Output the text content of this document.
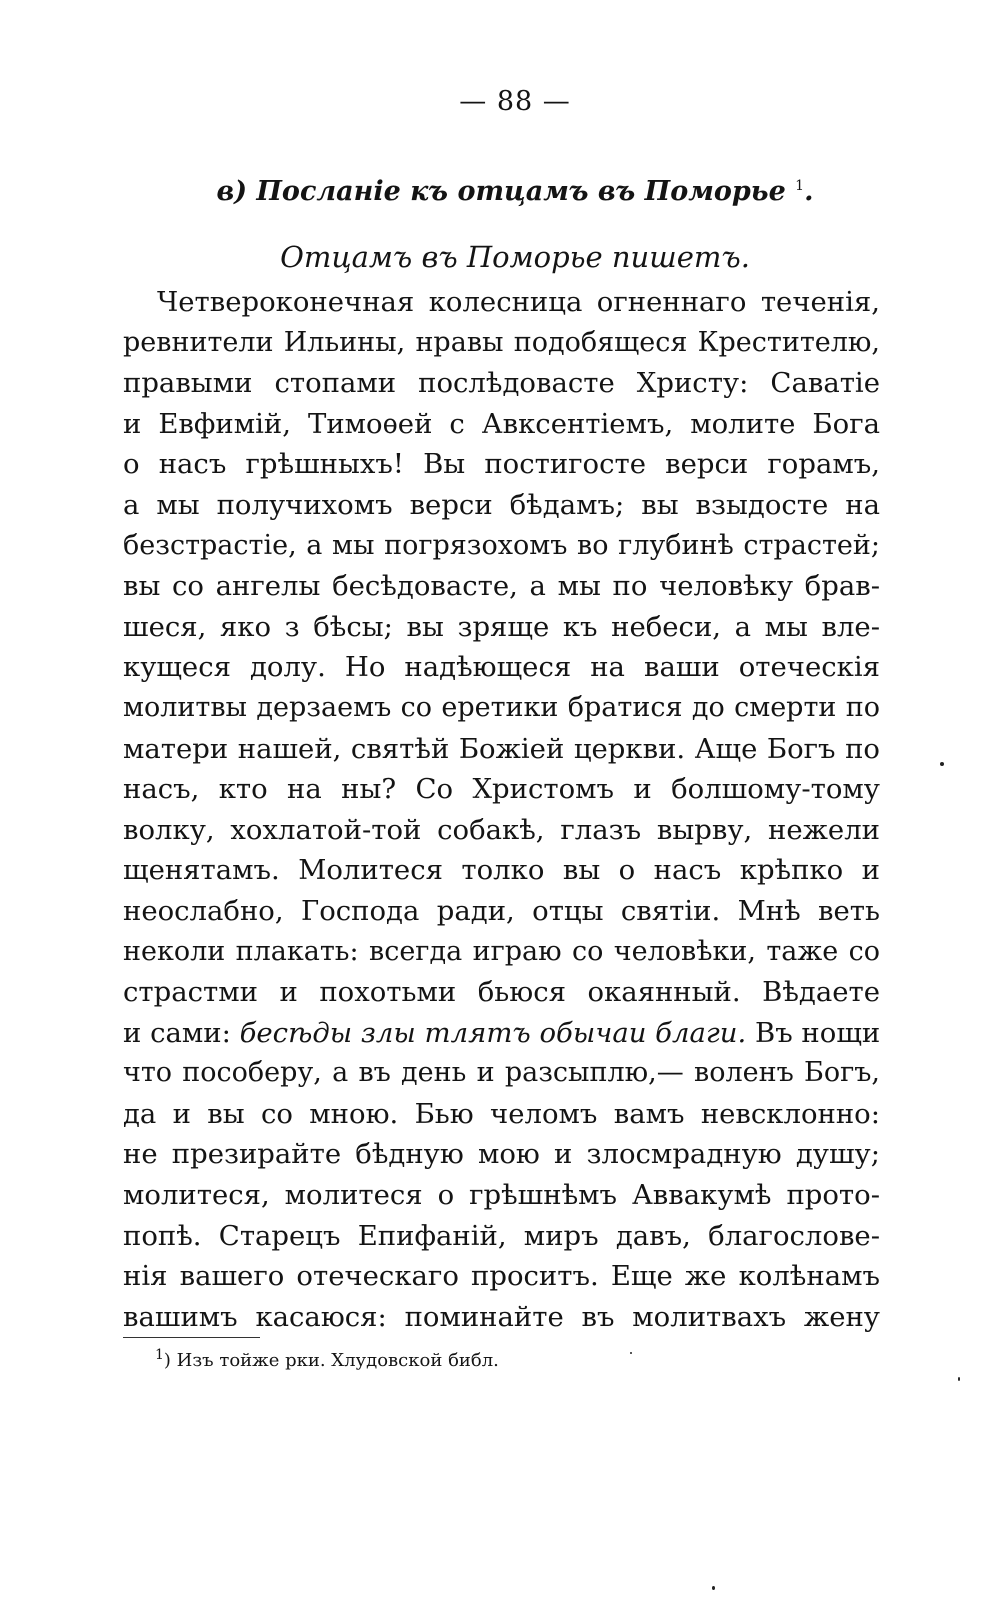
— 88 —
в) Посланіе къ отцамъ въ Поморье $^1$.
Отцамъ въ Поморье пишетъ.
Четвероконечная колесница огненнаго теченія,
ревнители Ильины, нравы подобящеся Крестителю,
правыми стопами послѣдовасте Христу: Саватіе
и Евфимій, Тимоѳей с Авксентіемъ, молите Бога
о насъ грѣшныхъ! Вы постигосте верси горамъ,
а мы получихомъ верси бѣдамъ; вы взыдосте на
безстрастіе, а мы погрязохомъ во глубинѣ страстей;
вы со ангелы бесѣдовасте, а мы по человѣку брав-
шеся, яко з бѣсы; вы зряще къ небеси, а мы вле-
кущеся долу. Но надѣющеся на ваши отеческія
молитвы дерзаемъ со еретики братися до смерти по
матери нашей, святѣй Божіей церкви. Аще Богъ по
насъ, кто на ны? Со Христомъ и болшому-тому
волку, хохлатой-той собакѣ, глазъ вырву, нежели
щенятамъ. Молитеся толко вы о насъ крѣпко и
неослабно, Господа ради, отцы святіи. Мнѣ веть
неколи плакать: всегда играю со человѣки, таже со
страстми и похотьми бьюся окаянный. Вѣдаете
и сами: бесѣды злы тлятъ обычаи благи. Въ нощи
что пособеру, а въ день и разсыплю,— воленъ Богъ,
да и вы со мною. Бью челомъ вамъ невсклонно:
не презирайте бѣдную мою и злосмрадную душу;
молитеся, молитеся о грѣшнѣмъ Аввакумѣ прото-
попѣ. Старецъ Епифаній, миръ давъ, благослове-
нія вашего отеческаго проситъ. Еще же колѣнамъ
вашимъ касаюся: поминайте въ молитвахъ жену
$^1$) Изъ тойже рки. Хлудовской библ.
